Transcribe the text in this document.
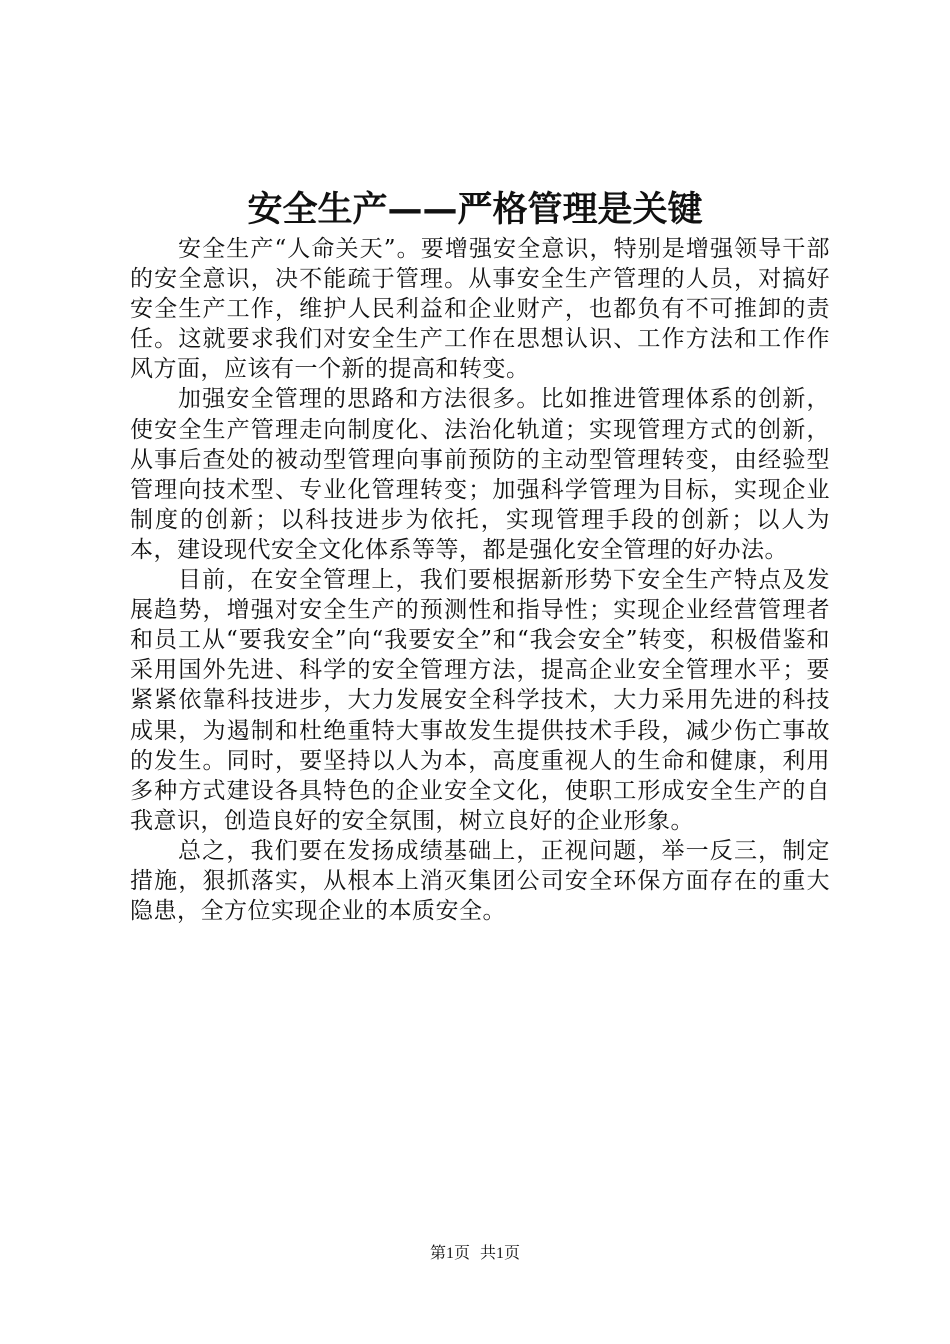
安全生产——严格管理是关键

安全生产“人命关天”。要增强安全意识，特别是增强领导干部的安全意识，决不能疏于管理。从事安全生产管理的人员，对搞好安全生产工作，维护人民利益和企业财产，也都负有不可推卸的责任。这就要求我们对安全生产工作在思想认识、工作方法和工作作风方面，应该有一个新的提高和转变。

加强安全管理的思路和方法很多。比如推进管理体系的创新，使安全生产管理走向制度化、法治化轨道；实现管理方式的创新，从事后查处的被动型管理向事前预防的主动型管理转变，由经验型管理向技术型、专业化管理转变；加强科学管理为目标，实现企业制度的创新；以科技进步为依托，实现管理手段的创新；以人为本，建设现代安全文化体系等等，都是强化安全管理的好办法。

目前，在安全管理上，我们要根据新形势下安全生产特点及发展趋势，增强对安全生产的预测性和指导性；实现企业经营管理者和员工从“要我安全”向“我要安全”和“我会安全”转变，积极借鉴和采用国外先进、科学的安全管理方法，提高企业安全管理水平；要紧紧依靠科技进步，大力发展安全科学技术，大力采用先进的科技成果，为遏制和杜绝重特大事故发生提供技术手段，减少伤亡事故的发生。同时，要坚持以人为本，高度重视人的生命和健康，利用多种方式建设各具特色的企业安全文化，使职工形成安全生产的自我意识，创造良好的安全氛围，树立良好的企业形象。

总之，我们要在发扬成绩基础上，正视问题，举一反三，制定措施，狠抓落实，从根本上消灭集团公司安全环保方面存在的重大隐患，全方位实现企业的本质安全。

第1页 共1页
